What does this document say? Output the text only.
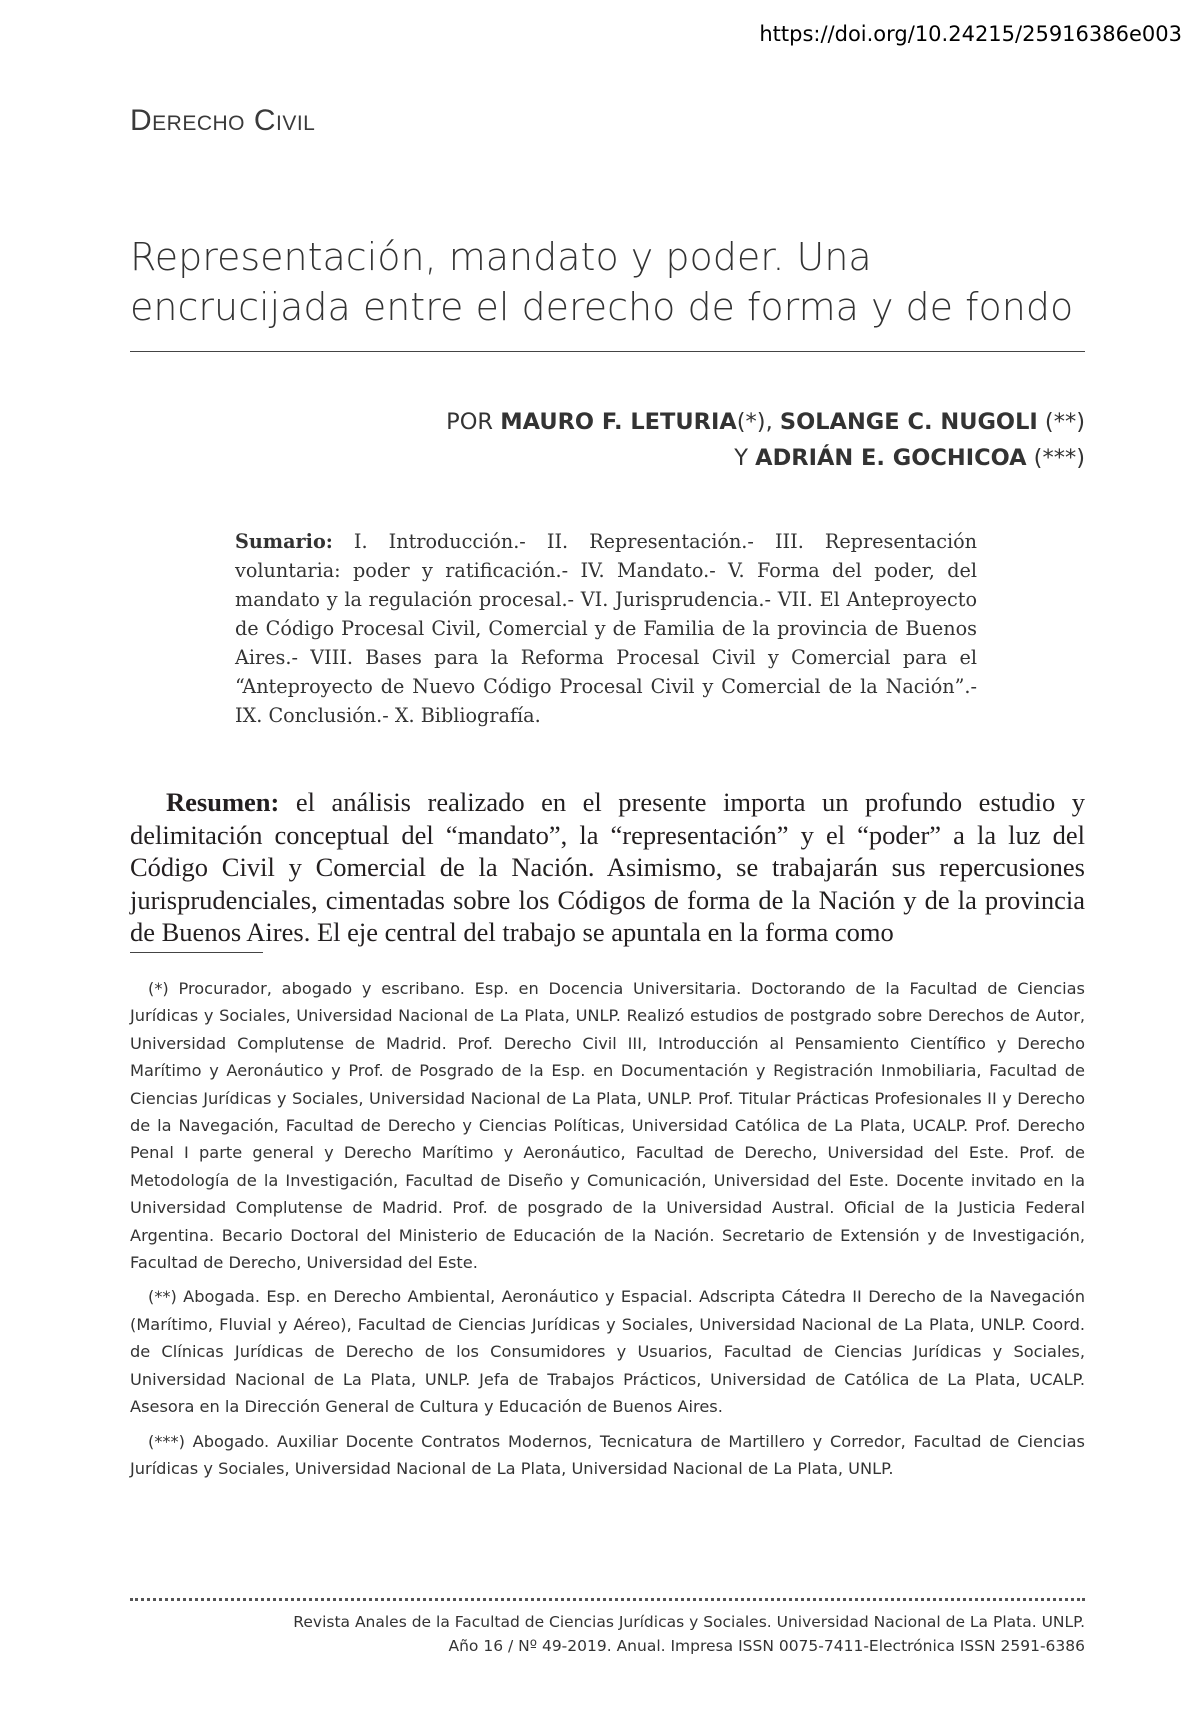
https://doi.org/10.24215/25916386e003
Derecho Civil
Representación, mandato y poder. Una encrucijada entre el derecho de forma y de fondo
POR MAURO F. LETURIA(*), SOLANGE C. NUGOLI (**)
Y ADRIÁN E. GOCHICOA (***)
Sumario: I. Introducción.- II. Representación.- III. Representación voluntaria: poder y ratificación.- IV. Mandato.- V. Forma del poder, del mandato y la regulación procesal.- VI. Jurisprudencia.- VII. El Anteproyecto de Código Procesal Civil, Comercial y de Familia de la provincia de Buenos Aires.- VIII. Bases para la Reforma Procesal Civil y Comercial para el “Anteproyecto de Nuevo Código Procesal Civil y Comercial de la Nación”.- IX. Conclusión.- X. Bibliografía.
Resumen: el análisis realizado en el presente importa un profundo estudio y delimitación conceptual del “mandato”, la “representación” y el “poder” a la luz del Código Civil y Comercial de la Nación. Asimismo, se trabajarán sus repercusiones jurisprudenciales, cimentadas sobre los Códigos de forma de la Nación y de la provincia de Buenos Aires. El eje central del trabajo se apuntala en la forma como

(*) Procurador, abogado y escribano. Esp. en Docencia Universitaria. Doctorando de la Facultad de Ciencias Jurídicas y Sociales, Universidad Nacional de La Plata, UNLP. Realizó estudios de postgrado sobre Derechos de Autor, Universidad Complutense de Madrid. Prof. Derecho Civil III, Introducción al Pensamiento Científico y Derecho Marítimo y Aeronáutico y Prof. de Posgrado de la Esp. en Documentación y Registración Inmobiliaria, Facultad de Ciencias Jurídicas y Sociales, Universidad Nacional de La Plata, UNLP. Prof. Titular Prácticas Profesionales II y Derecho de la Navegación, Facultad de Derecho y Ciencias Políticas, Universidad Católica de La Plata, UCALP. Prof. Derecho Penal I parte general y Derecho Marítimo y Aeronáutico, Facultad de Derecho, Universidad del Este. Prof. de Metodología de la Investigación, Facultad de Diseño y Comunicación, Universidad del Este. Docente invitado en la Universidad Complutense de Madrid. Prof. de posgrado de la Universidad Austral. Oficial de la Justicia Federal Argentina. Becario Doctoral del Ministerio de Educación de la Nación. Secretario de Extensión y de Investigación, Facultad de Derecho, Universidad del Este.

(**) Abogada. Esp. en Derecho Ambiental, Aeronáutico y Espacial. Adscripta Cátedra II Derecho de la Navegación (Marítimo, Fluvial y Aéreo), Facultad de Ciencias Jurídicas y Sociales, Universidad Nacional de La Plata, UNLP. Coord. de Clínicas Jurídicas de Derecho de los Consumidores y Usuarios, Facultad de Ciencias Jurídicas y Sociales, Universidad Nacional de La Plata, UNLP. Jefa de Trabajos Prácticos, Universidad de Católica de La Plata, UCALP. Asesora en la Dirección General de Cultura y Educación de Buenos Aires.

(***) Abogado. Auxiliar Docente Contratos Modernos, Tecnicatura de Martillero y Corredor, Facultad de Ciencias Jurídicas y Sociales, Universidad Nacional de La Plata, Universidad Nacional de La Plata, UNLP.

Revista Anales de la Facultad de Ciencias Jurídicas y Sociales. Universidad Nacional de La Plata. UNLP.
Año 16 / Nº 49-2019. Anual. Impresa ISSN 0075-7411-Electrónica ISSN 2591-6386
